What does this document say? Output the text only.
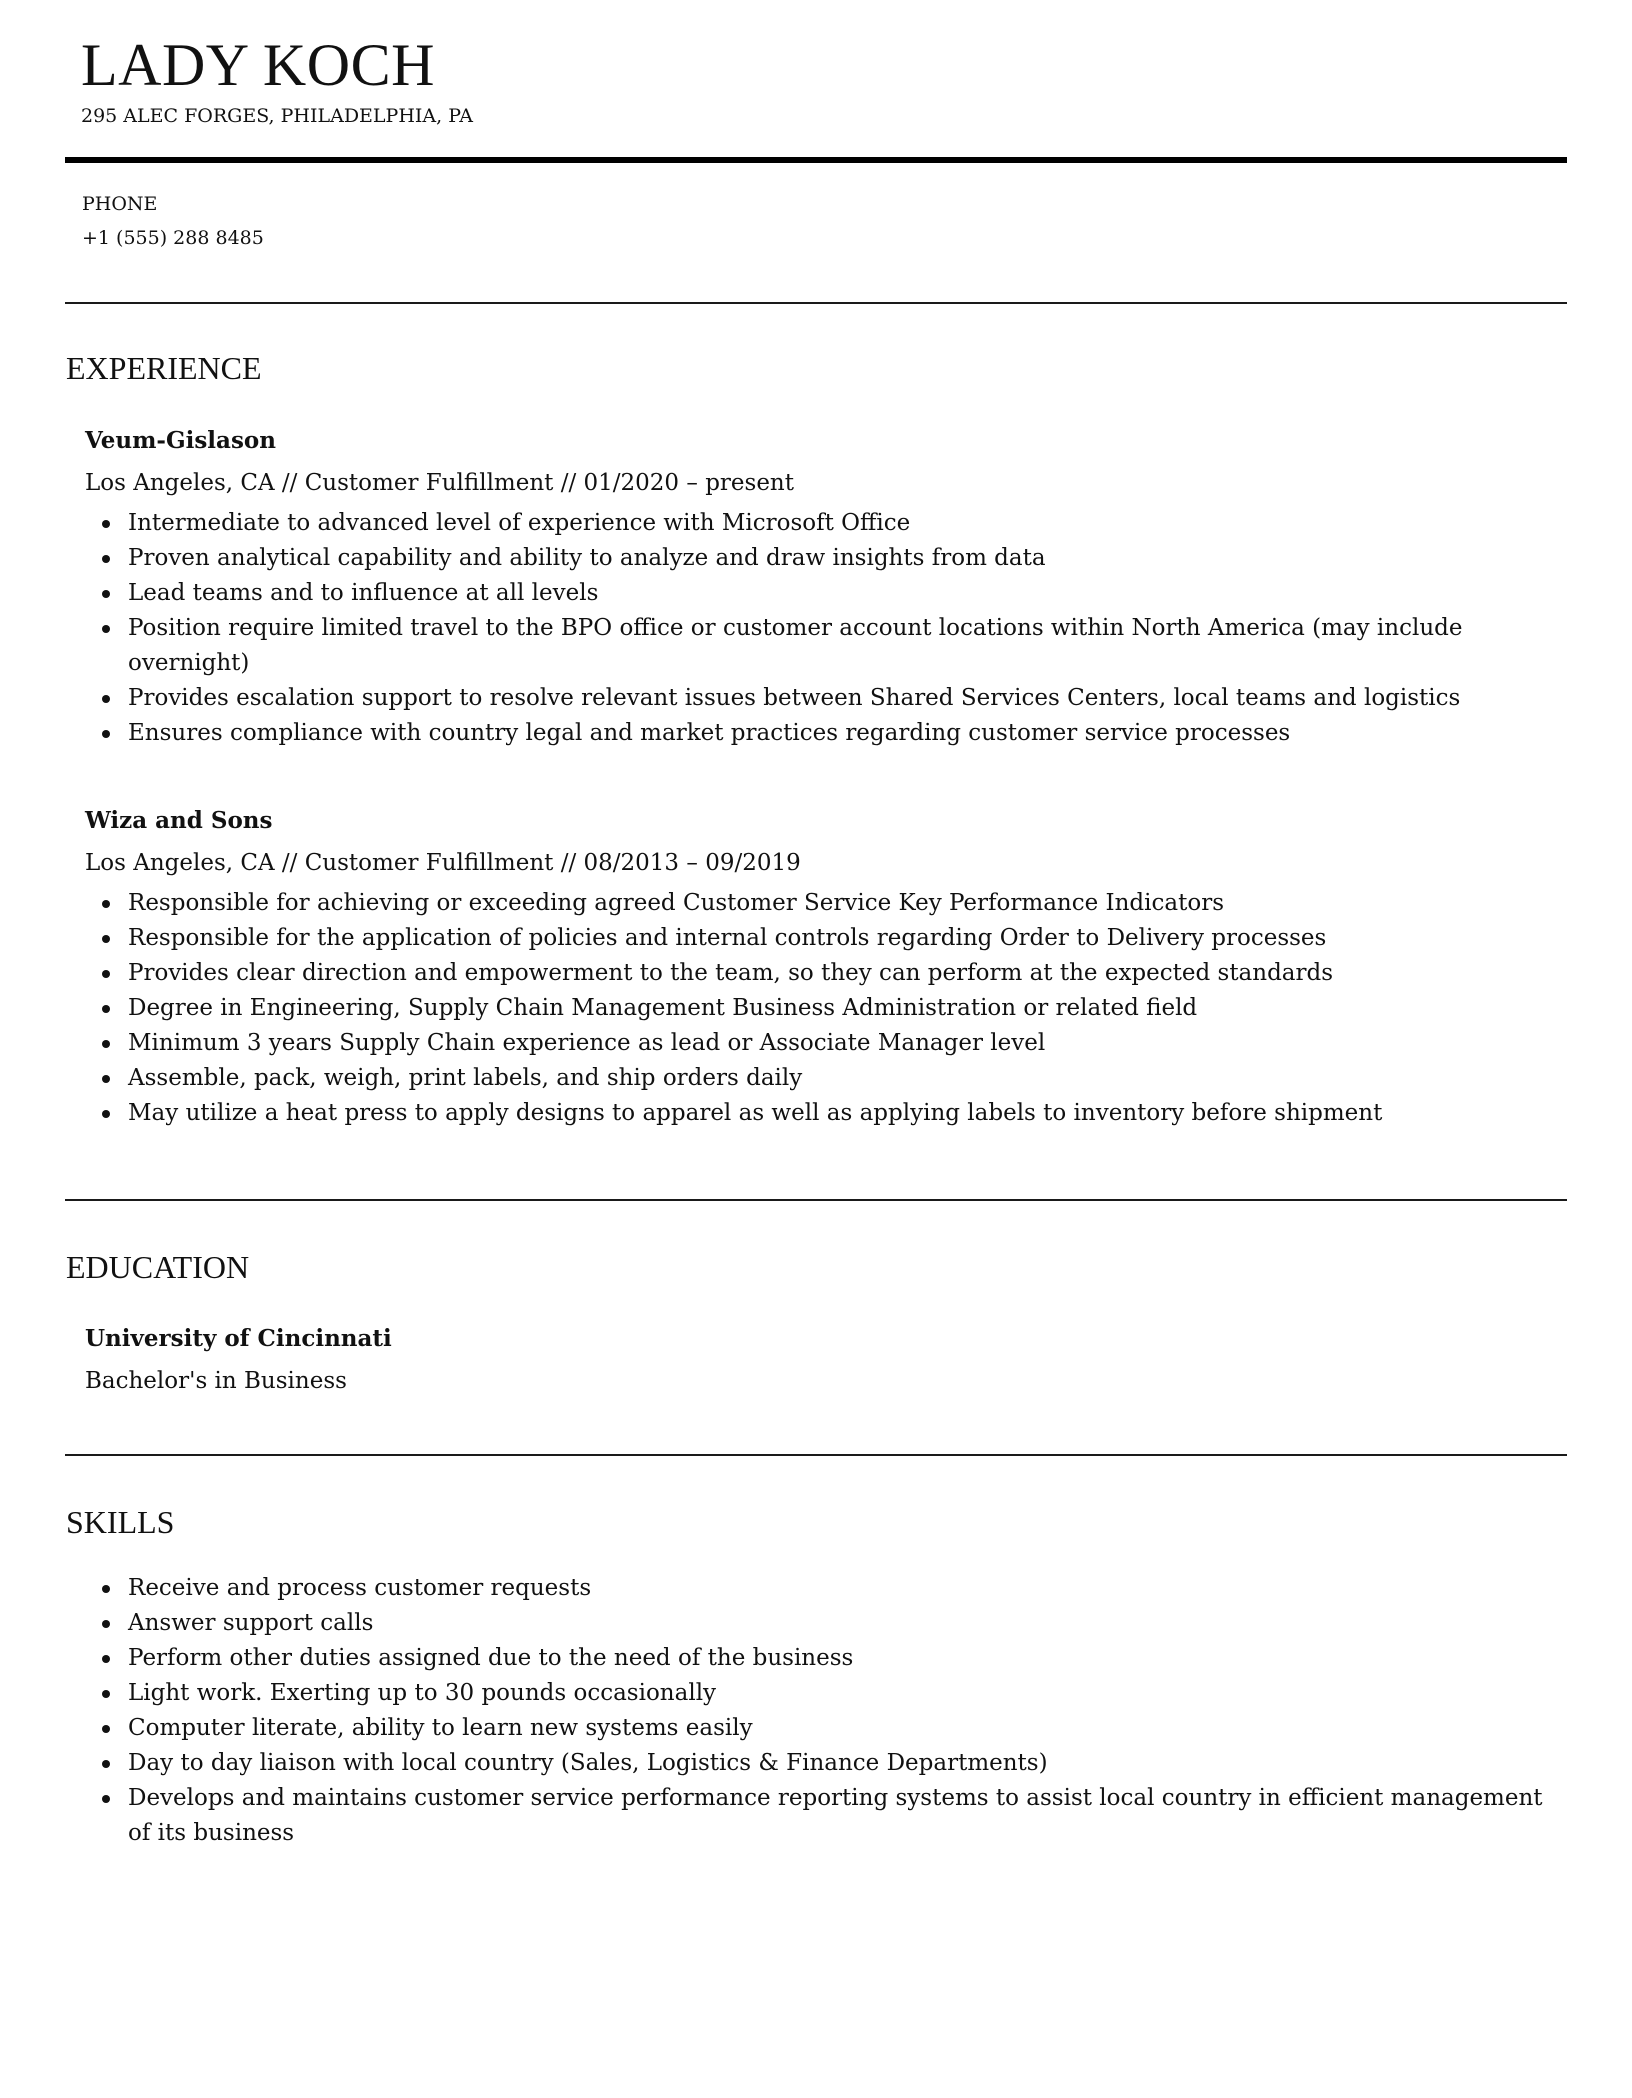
LADY KOCH
295 ALEC FORGES, PHILADELPHIA, PA
PHONE
+1 (555) 288 8485
EXPERIENCE
Veum-Gislason
Los Angeles, CA // Customer Fulfillment // 01/2020 – present
Intermediate to advanced level of experience with Microsoft Office
Proven analytical capability and ability to analyze and draw insights from data
Lead teams and to influence at all levels
Position require limited travel to the BPO office or customer account locations within North America (may include overnight)
Provides escalation support to resolve relevant issues between Shared Services Centers, local teams and logistics
Ensures compliance with country legal and market practices regarding customer service processes
Wiza and Sons
Los Angeles, CA // Customer Fulfillment // 08/2013 – 09/2019
Responsible for achieving or exceeding agreed Customer Service Key Performance Indicators
Responsible for the application of policies and internal controls regarding Order to Delivery processes
Provides clear direction and empowerment to the team, so they can perform at the expected standards
Degree in Engineering, Supply Chain Management Business Administration or related field
Minimum 3 years Supply Chain experience as lead or Associate Manager level
Assemble, pack, weigh, print labels, and ship orders daily
May utilize a heat press to apply designs to apparel as well as applying labels to inventory before shipment
EDUCATION
University of Cincinnati
Bachelor's in Business
SKILLS
Receive and process customer requests
Answer support calls
Perform other duties assigned due to the need of the business
Light work. Exerting up to 30 pounds occasionally
Computer literate, ability to learn new systems easily
Day to day liaison with local country (Sales, Logistics & Finance Departments)
Develops and maintains customer service performance reporting systems to assist local country in efficient management of its business
